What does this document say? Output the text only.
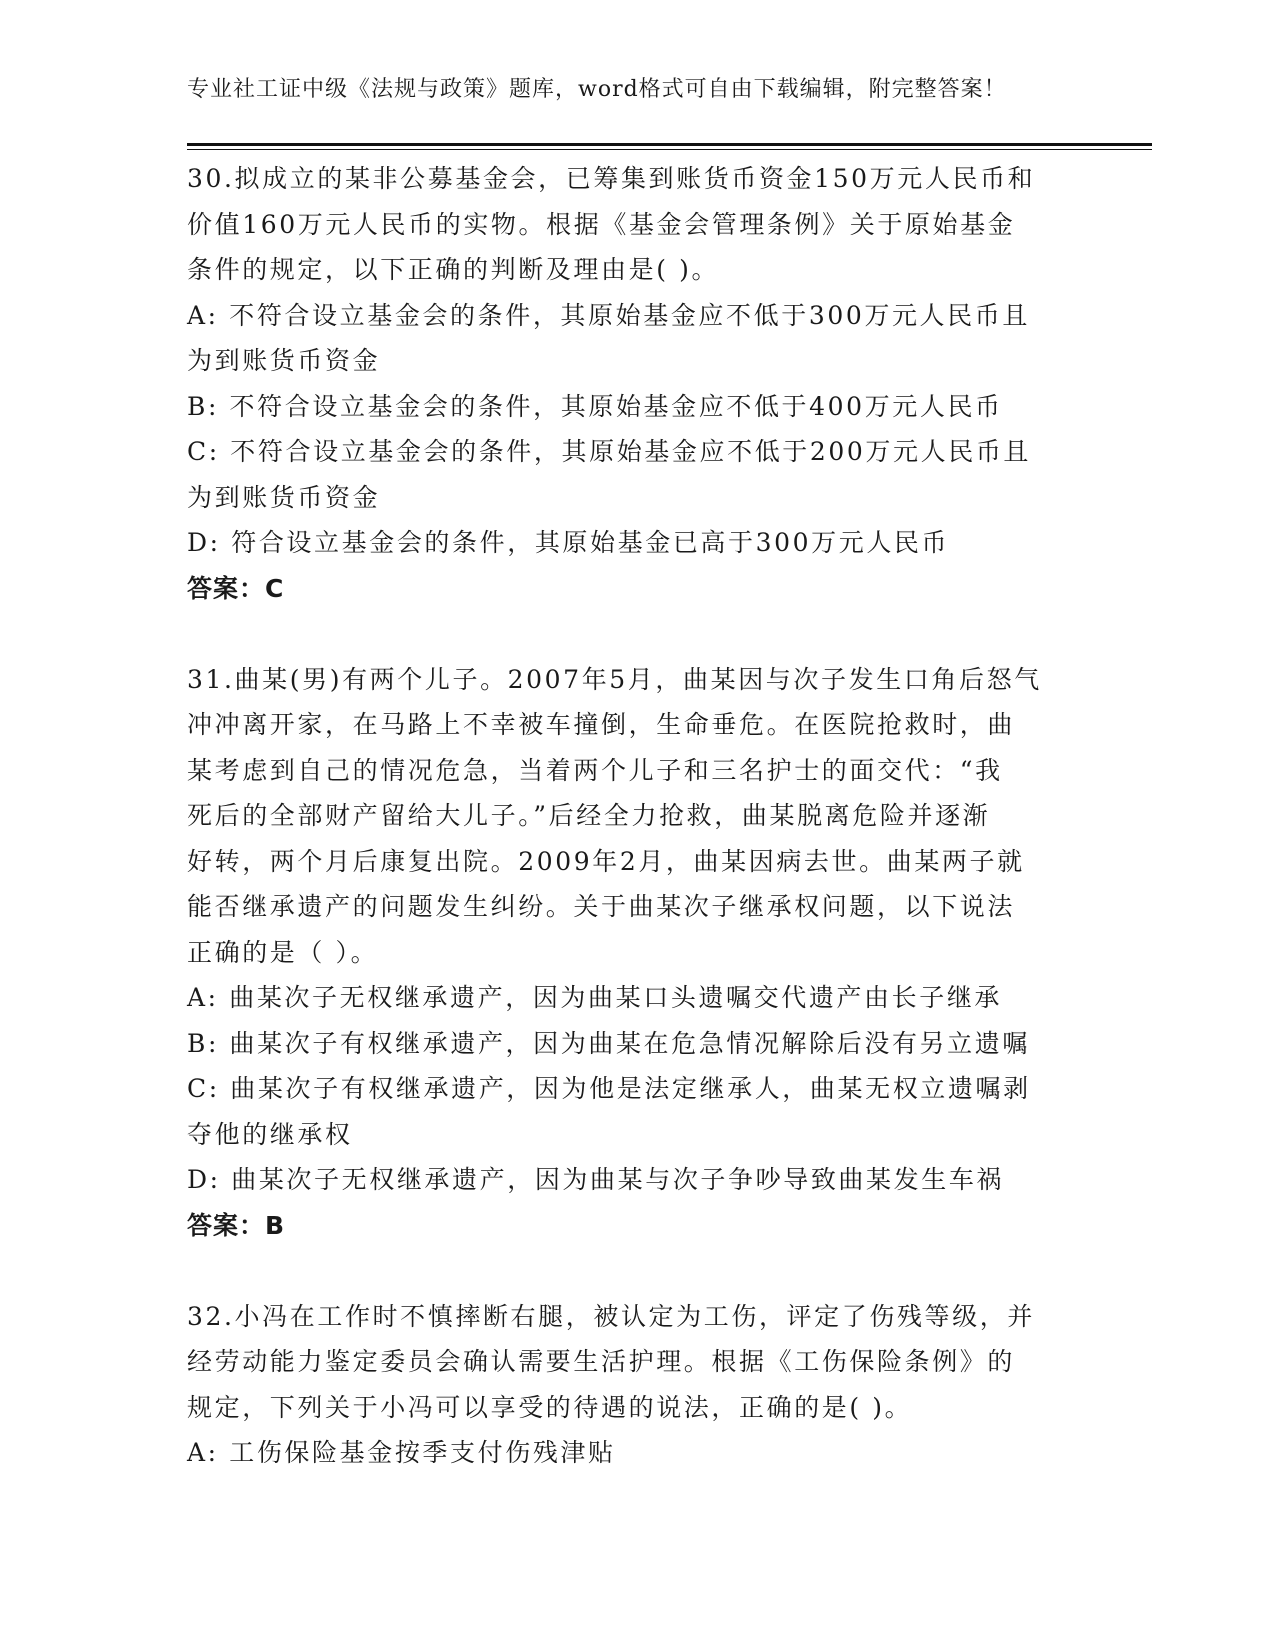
专业社工证中级《法规与政策》题库，word格式可自由下载编辑，附完整答案！
30.拟成立的某非公募基金会，已筹集到账货币资金150万元人民币和
价值160万元人民币的实物。根据《基金会管理条例》关于原始基金
条件的规定，以下正确的判断及理由是( )。
A: 不符合设立基金会的条件，其原始基金应不低于300万元人民币且
为到账货币资金
B: 不符合设立基金会的条件，其原始基金应不低于400万元人民币
C: 不符合设立基金会的条件，其原始基金应不低于200万元人民币且
为到账货币资金
D: 符合设立基金会的条件，其原始基金已高于300万元人民币
答案：C
31.曲某(男)有两个儿子。2007年5月，曲某因与次子发生口角后怒气
冲冲离开家，在马路上不幸被车撞倒，生命垂危。在医院抢救时，曲
某考虑到自己的情况危急，当着两个儿子和三名护士的面交代：“我
死后的全部财产留给大儿子。”后经全力抢救，曲某脱离危险并逐渐
好转，两个月后康复出院。2009年2月，曲某因病去世。曲某两子就
能否继承遗产的问题发生纠纷。关于曲某次子继承权问题，以下说法
正确的是（ ）。
A: 曲某次子无权继承遗产，因为曲某口头遗嘱交代遗产由长子继承
B: 曲某次子有权继承遗产，因为曲某在危急情况解除后没有另立遗嘱
C: 曲某次子有权继承遗产，因为他是法定继承人，曲某无权立遗嘱剥
夺他的继承权
D: 曲某次子无权继承遗产，因为曲某与次子争吵导致曲某发生车祸
答案：B
32.小冯在工作时不慎摔断右腿，被认定为工伤，评定了伤残等级，并
经劳动能力鉴定委员会确认需要生活护理。根据《工伤保险条例》的
规定，下列关于小冯可以享受的待遇的说法，正确的是( )。
A: 工伤保险基金按季支付伤残津贴
